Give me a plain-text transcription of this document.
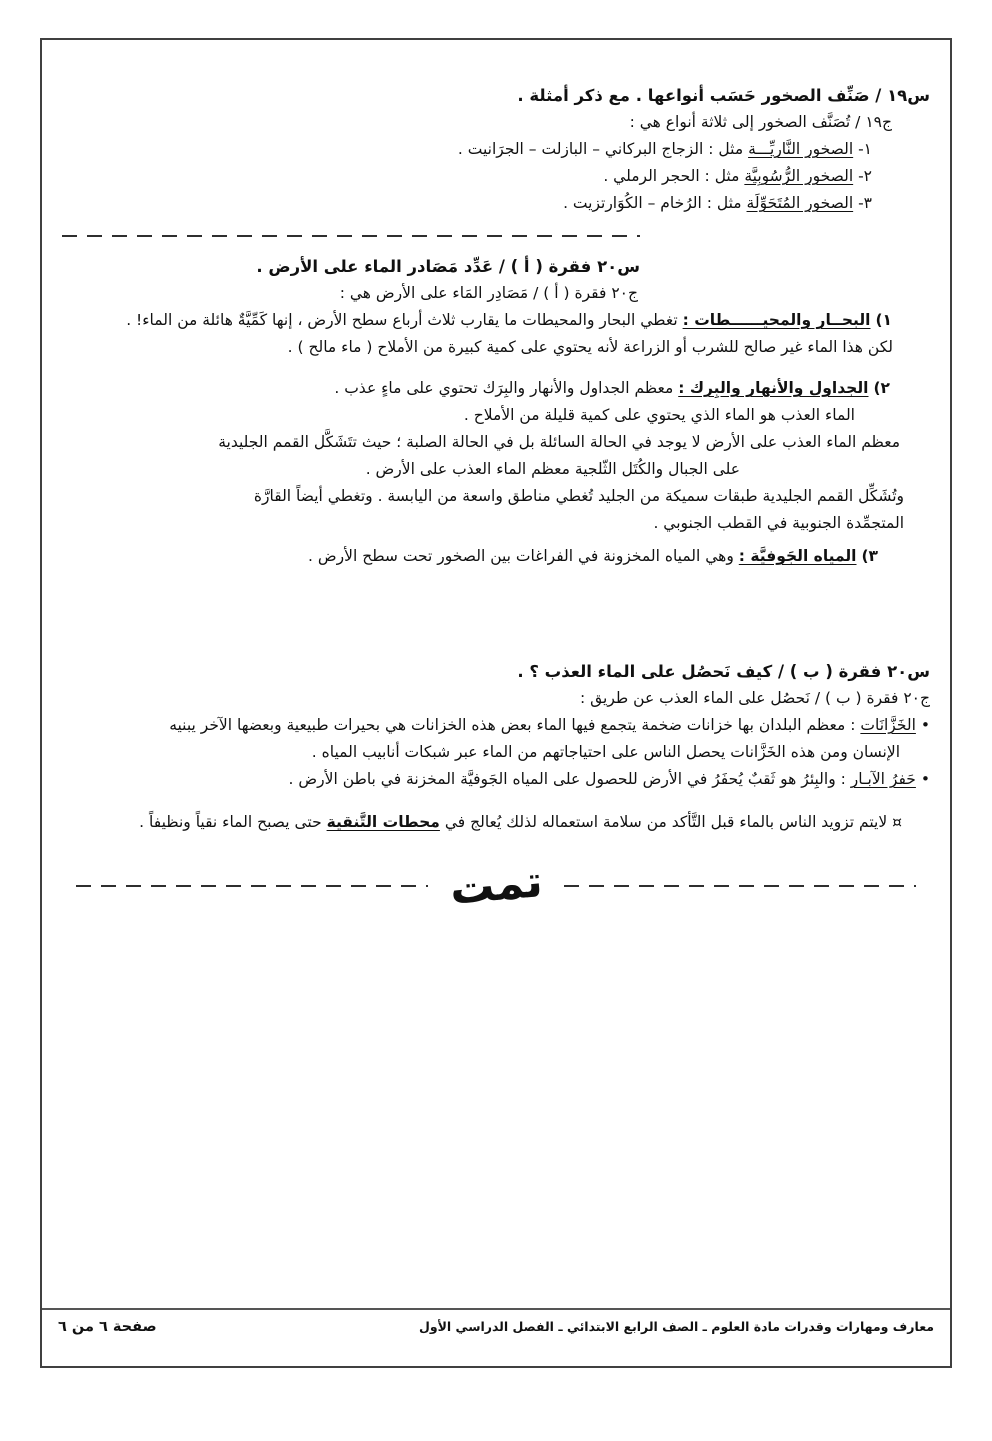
س١٩ / صَنِّف الصخور حَسَب أنواعها . مع ذكر أمثلة .
ج١٩ / تُصَنَّف الصخور إلى ثلاثة أنواع هي :
١- الصخور النَّاريِّـــة مثل : الزجاج البركاني – البازلت – الجرَانيت .
٢- الصخور الرُّسُوبِيَّة مثل : الحجر الرملي .
٣- الصخور المُتَحَوِّلَة مثل : الرُخام – الكُوَارتزيت .
س٢٠ فقرة ( أ ) / عَدِّد مَصَادر الماء على الأرض .
ج٢٠ فقرة ( أ ) / مَصَادِر المَاء على الأرض هي :
١) البحــار والمحيــــــطات : تغطي البحار والمحيطات ما يقارب ثلاث أرباع سطح الأرض ، إنها كَمِّيَّةٌ هائلة من الماء! .
لكن هذا الماء غير صالح للشرب أو الزراعة لأنه يحتوي على كمية كبيرة من الأملاح ( ماء مالح ) .
٢) الجداول والأنهار والبِرك : معظم الجداول والأنهار والبِرَك تحتوي على ماءٍ عذب .
الماء العذب هو الماء الذي يحتوي على كمية قليلة من الأملاح .
معظم الماء العذب على الأرض لا يوجد في الحالة السائلة بل في الحالة الصلبة ؛ حيث تتَشَكَّل القمم الجليدية
على الجبال والكُتَل الثّلجية معظم الماء العذب على الأرض .
وتُشَكِّل القمم الجليدية طبقات سميكة من الجليد تُغطي مناطق واسعة من اليابسة . وتغطي أيضاً القارَّة
المتجمِّدة الجنوبية في القطب الجنوبي .
٣) المياه الجَوفيَّة : وهي المياه المخزونة في الفراغات بين الصخور تحت سطح الأرض .
س٢٠ فقرة ( ب ) / كيف نَحصُل على الماء العذب ؟ .
ج٢٠ فقرة ( ب ) / نَحصُل على الماء العذب عن طريق :
• الخَزَّانَات : معظم البلدان بها خزانات ضخمة يتجمع فيها الماء بعض هذه الخزانات هي بحيرات طبيعية وبعضها الآخر يبنيه
الإنسان ومن هذه الخَزَّانات يحصل الناس على احتياجاتهم من الماء عبر شبكات أنابيب المياه .
• حَفرُ الآبـار : والبِئرُ هو ثَقبٌ يُحفَرُ في الأرض للحصول على المياه الجَوفيَّة المخزنة في باطن الأرض .
¤ لايتم تزويد الناس بالماء قبل التَّأكد من سلامة استعماله لذلك يُعالج في محطات التَّنقية حتى يصبح الماء نقياً ونظيفاً .
تمت
معارف ومهارات وقدرات مادة العلوم ـ الصف الرابع الابتدائي ـ الفصل الدراسي الأول
صفحة ٦ من ٦
